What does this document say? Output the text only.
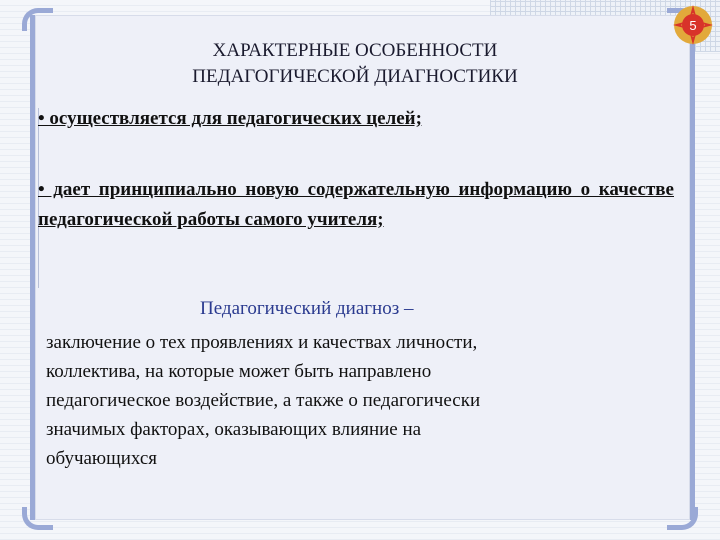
5
ХАРАКТЕРНЫЕ ОСОБЕННОСТИ
ПЕДАГОГИЧЕСКОЙ ДИАГНОСТИКИ
• осуществляется для педагогических целей;
• дает принципиально новую содержательную информацию о качестве педагогической работы самого учителя;
Педагогический диагноз –
заключение о тех проявлениях и качествах личности,
коллектива, на которые может быть направлено
педагогическое воздействие, а также о педагогически
значимых факторах, оказывающих влияние на
обучающихся
